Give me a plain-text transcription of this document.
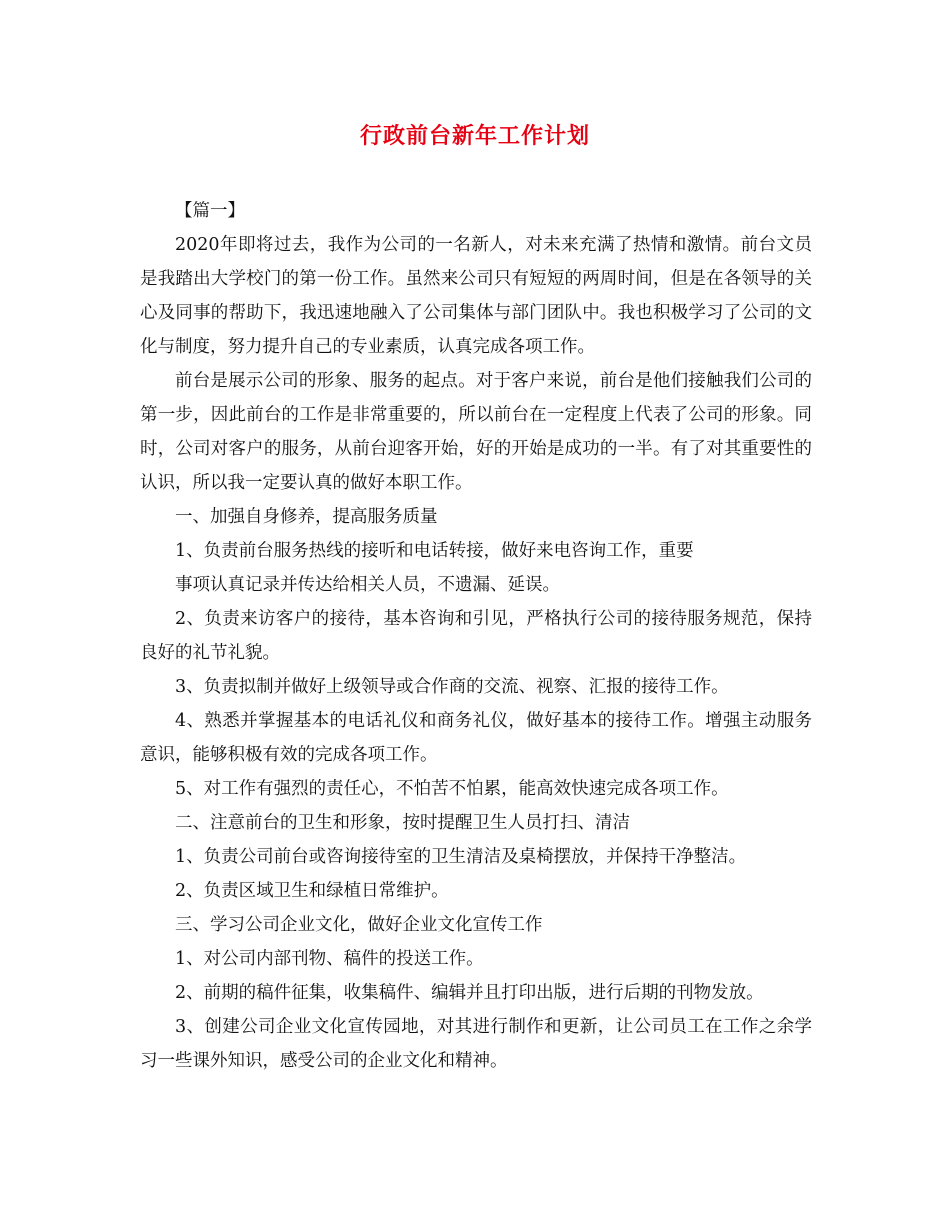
行政前台新年工作计划

【篇一】

2020年即将过去，我作为公司的一名新人，对未来充满了热情和激情。前台文员是我踏出大学校门的第一份工作。虽然来公司只有短短的两周时间，但是在各领导的关心及同事的帮助下，我迅速地融入了公司集体与部门团队中。我也积极学习了公司的文化与制度，努力提升自己的专业素质，认真完成各项工作。

前台是展示公司的形象、服务的起点。对于客户来说，前台是他们接触我们公司的第一步，因此前台的工作是非常重要的，所以前台在一定程度上代表了公司的形象。同时，公司对客户的服务，从前台迎客开始，好的开始是成功的一半。有了对其重要性的认识，所以我一定要认真的做好本职工作。

一、加强自身修养，提高服务质量

1、负责前台服务热线的接听和电话转接，做好来电咨询工作，重要

事项认真记录并传达给相关人员，不遗漏、延误。

2、负责来访客户的接待，基本咨询和引见，严格执行公司的接待服务规范，保持良好的礼节礼貌。

3、负责拟制并做好上级领导或合作商的交流、视察、汇报的接待工作。

4、熟悉并掌握基本的电话礼仪和商务礼仪，做好基本的接待工作。增强主动服务意识，能够积极有效的完成各项工作。

5、对工作有强烈的责任心，不怕苦不怕累，能高效快速完成各项工作。

二、注意前台的卫生和形象，按时提醒卫生人员打扫、清洁

1、负责公司前台或咨询接待室的卫生清洁及桌椅摆放，并保持干净整洁。

2、负责区域卫生和绿植日常维护。

三、学习公司企业文化，做好企业文化宣传工作

1、对公司内部刊物、稿件的投送工作。

2、前期的稿件征集，收集稿件、编辑并且打印出版，进行后期的刊物发放。

3、创建公司企业文化宣传园地，对其进行制作和更新，让公司员工在工作之余学习一些课外知识，感受公司的企业文化和精神。
